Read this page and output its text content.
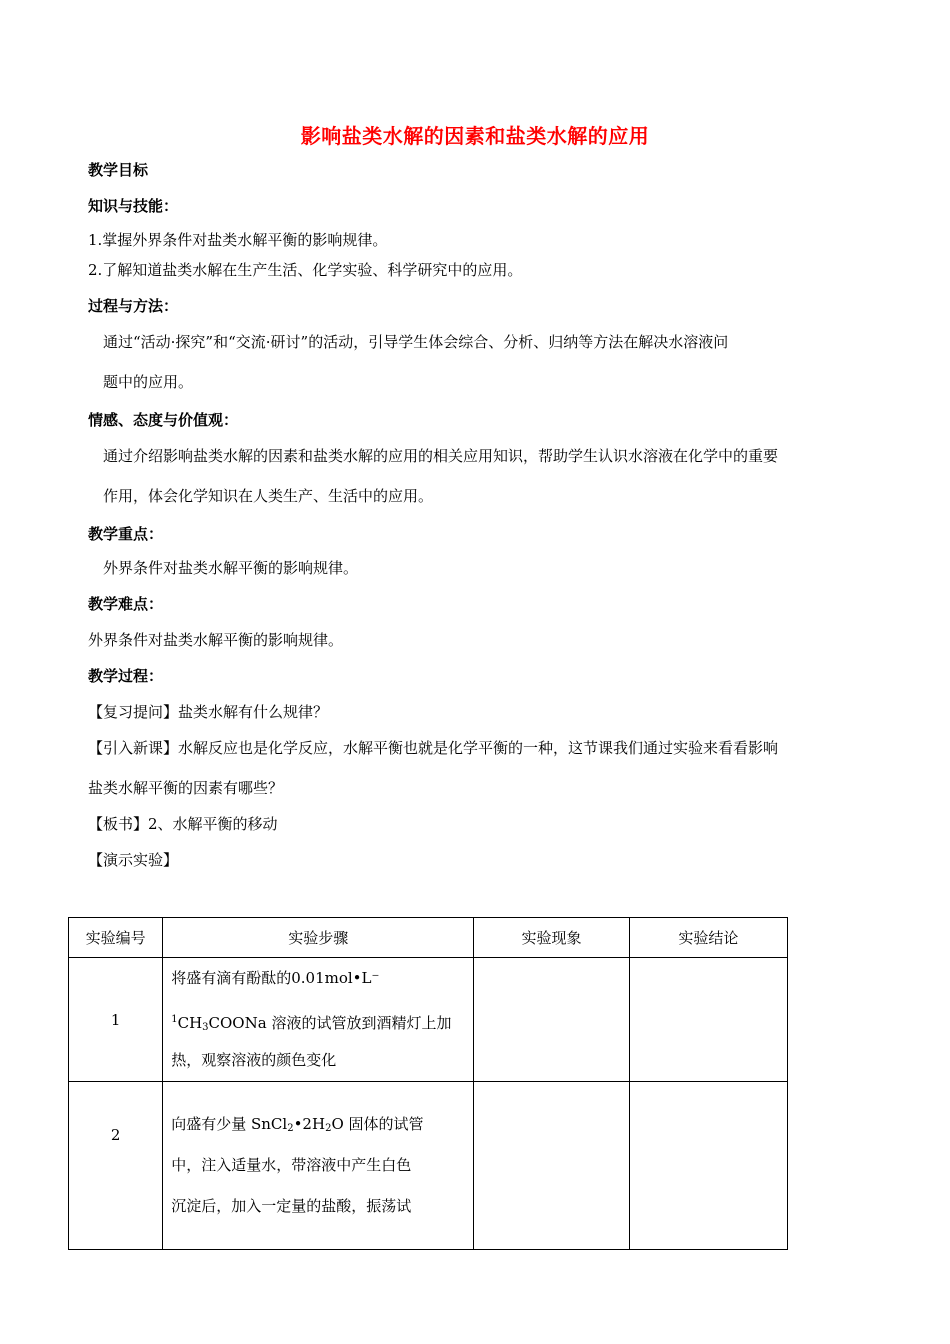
影响盐类水解的因素和盐类水解的应用
教学目标
知识与技能：
1.掌握外界条件对盐类水解平衡的影响规律。
2.了解知道盐类水解在生产生活、化学实验、科学研究中的应用。
过程与方法：
通过“活动·探究”和“交流·研讨”的活动，引导学生体会综合、分析、归纳等方法在解决水溶液问
题中的应用。
情感、态度与价值观：
通过介绍影响盐类水解的因素和盐类水解的应用的相关应用知识，帮助学生认识水溶液在化学中的重要
作用，体会化学知识在人类生产、生活中的应用。
教学重点：
外界条件对盐类水解平衡的影响规律。
教学难点：
外界条件对盐类水解平衡的影响规律。
教学过程：
【复习提问】盐类水解有什么规律？
【引入新课】水解反应也是化学反应，水解平衡也就是化学平衡的一种，这节课我们通过实验来看看影响
盐类水解平衡的因素有哪些？
【板书】2、水解平衡的移动
【演示实验】
实验编号	实验步骤	实验现象	实验结论
1	将盛有滴有酚酞的0.01mol•L⁻
$^1CH_3COONa$ 溶液的试管放到酒精灯上加
热，观察溶液的颜色变化		

2	向盛有少量 $SnCl_2•2H_2O$ 固体的试管
中，注入适量水，带溶液中产生白色
沉淀后，加入一定量的盐酸，振荡试		
